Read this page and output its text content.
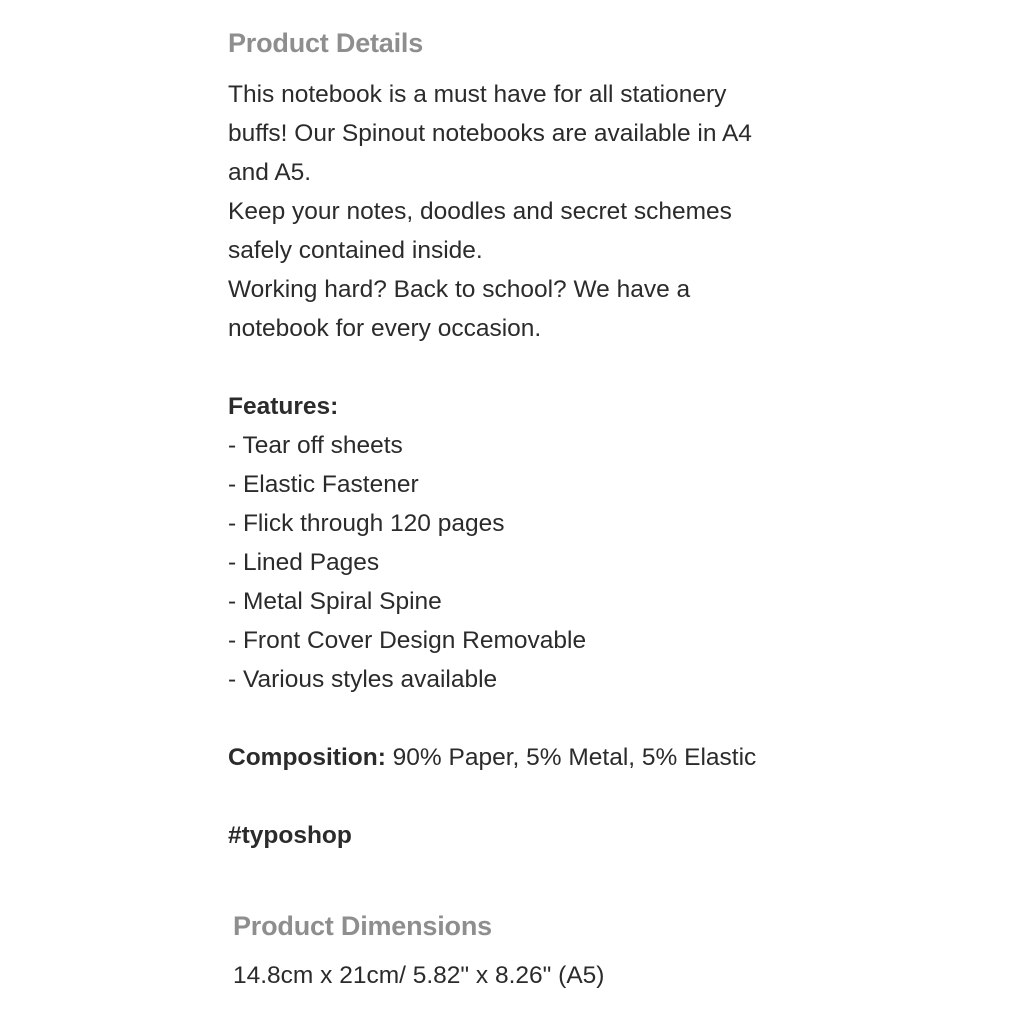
Product Details
This notebook is a must have for all stationery
buffs! Our Spinout notebooks are available in A4
and A5.
Keep your notes, doodles and secret schemes
safely contained inside.
Working hard? Back to school? We have a
notebook for every occasion.
Features:
- Tear off sheets
- Elastic Fastener
- Flick through 120 pages
- Lined Pages
- Metal Spiral Spine
- Front Cover Design Removable
- Various styles available
Composition: 90% Paper, 5% Metal, 5% Elastic
#typoshop
Product Dimensions
14.8cm x 21cm/ 5.82" x 8.26" (A5)
